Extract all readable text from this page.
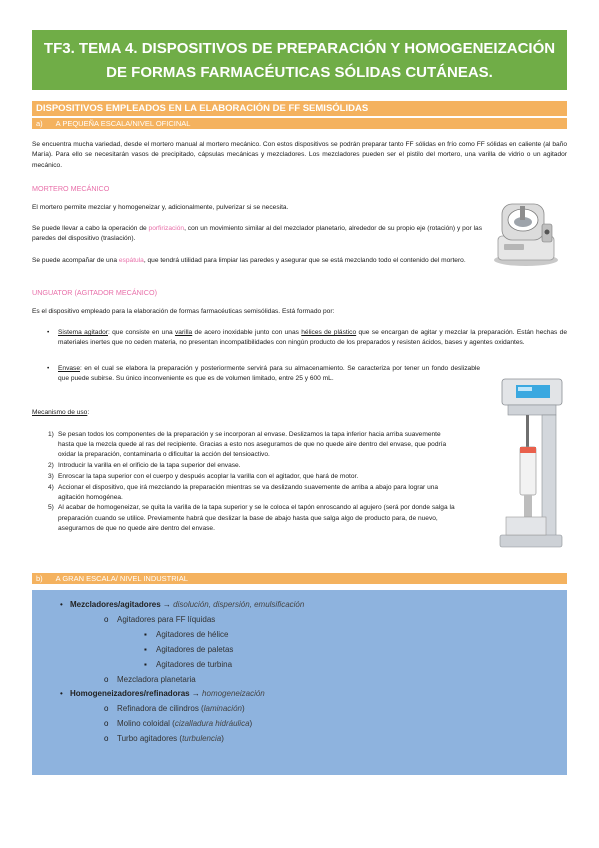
TF3. TEMA 4. DISPOSITIVOS DE PREPARACIÓN Y HOMOGENEIZACIÓN
DE FORMAS FARMACÉUTICAS SÓLIDAS CUTÁNEAS.
DISPOSITIVOS EMPLEADOS EN LA ELABORACIÓN DE FF SEMISÓLIDAS
a) A PEQUEÑA ESCALA/NIVEL OFICINAL

Se encuentra mucha variedad, desde el mortero manual al mortero mecánico. Con estos dispositivos se podrán preparar tanto FF sólidas en frío como FF sólidas en caliente (al baño María). Para ello se necesitarán vasos de precipitado, cápsulas mecánicas y mezcladores. Los mezcladores pueden ser el pistilo del mortero, una varilla de vidrio o un agitador mecánico.

MORTERO MECÁNICO

El mortero permite mezclar y homogeneizar y, adicionalmente, pulverizar si se necesita.

Se puede llevar a cabo la operación de porfirización, con un movimiento similar al del mezclador planetario, alrededor de su propio eje (rotación) y por las paredes del dispositivo (traslación).

Se puede acompañar de una espátula, que tendrá utilidad para limpiar las paredes y asegurar que se está mezclando todo el contenido del mortero.

UNGUATOR (AGITADOR MECÁNICO)

Es el dispositivo empleado para la elaboración de formas farmacéuticas semisólidas. Está formado por:

• Sistema agitador: que consiste en una varilla de acero inoxidable junto con unas hélices de plástico que se encargan de agitar y mezclar la preparación. Están hechas de materiales inertes que no ceden materia, no presentan incompatibilidades con ningún producto de los preparados y resisten ácidos, bases y agentes oxidantes.
• Envase: en el cual se elabora la preparación y posteriormente servirá para su almacenamiento. Se caracteriza por tener un fondo deslizable que puede subirse. Su único inconveniente es que es de volumen limitado, entre 25 y 600 mL.

Mecanismo de uso:

1) Se pesan todos los componentes de la preparación y se incorporan al envase. Deslizamos la tapa inferior hacia arriba suavemente hasta que la mezcla quede al ras del recipiente. Gracias a esto nos aseguramos de que no quede aire dentro del envase, que podría oxidar la preparación, contaminarla o dificultar la acción del tensioactivo.
2) Introducir la varilla en el orificio de la tapa superior del envase.
3) Enroscar la tapa superior con el cuerpo y después acoplar la varilla con el agitador, que hará de motor.
4) Accionar el dispositivo, que irá mezclando la preparación mientras se va deslizando suavemente de arriba a abajo para lograr una agitación homogénea.
5) Al acabar de homogeneizar, se quita la varilla de la tapa superior y se le coloca el tapón enroscando al agujero (será por donde salga la preparación cuando se utilice. Previamente habrá que deslizar la base de abajo hasta que salga algo de producto para, de nuevo, asegurarnos de que no quede aire dentro del envase.
b) A GRAN ESCALA/ NIVEL INDUSTRIAL
• Mezcladores/agitadores → disolución, dispersión, emulsificación
o Agitadores para FF líquidas
▪ Agitadores de hélice
▪ Agitadores de paletas
▪ Agitadores de turbina
o Mezcladora planetaria
• Homogeneizadores/refinadoras → homogeneización
o Refinadora de cilindros (laminación)
o Molino coloidal (cizalladura hidráulica)
o Turbo agitadores (turbulencia)
